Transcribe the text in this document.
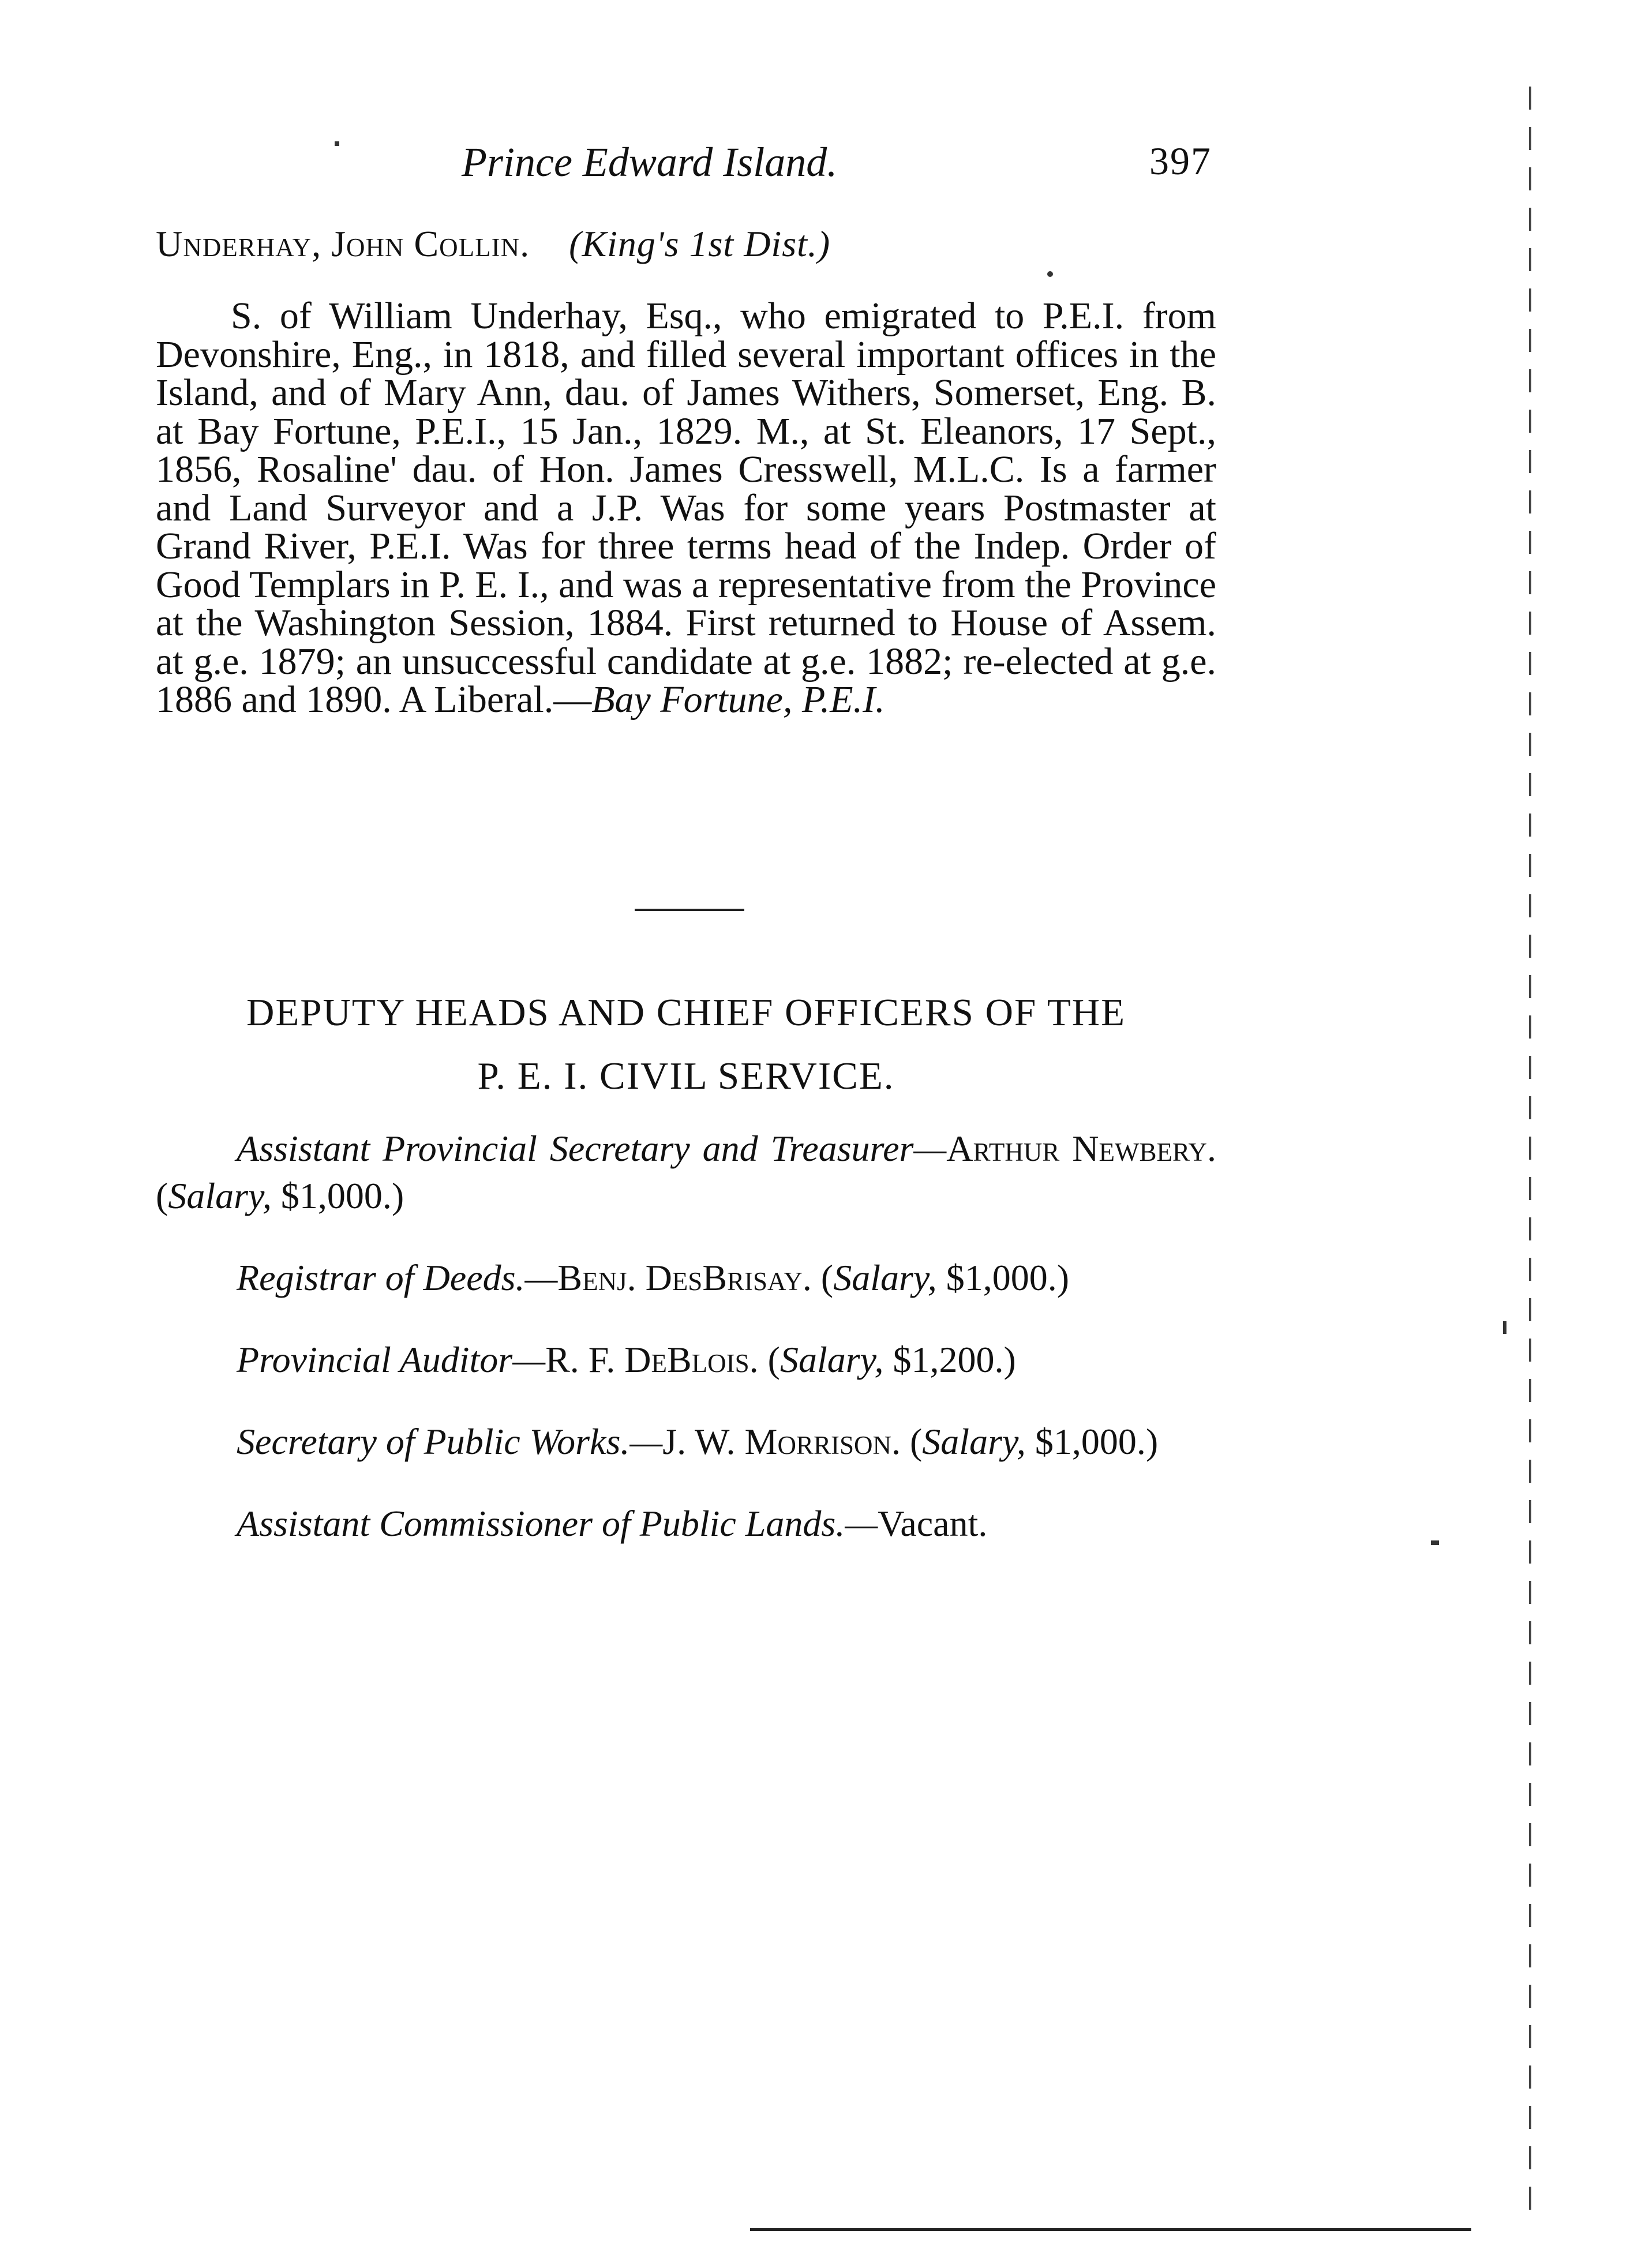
Prince Edward Island.	397
Underhay, John Collin. (King's 1st Dist.)
S. of William Underhay, Esq., who emigrated to P.E.I. from Devonshire, Eng., in 1818, and filled several important offices in the Island, and of Mary Ann, dau. of James Withers, Somerset, Eng. B. at Bay Fortune, P.E.I., 15 Jan., 1829. M., at St. Eleanors, 17 Sept., 1856, Rosaline' dau. of Hon. James Cresswell, M.L.C. Is a farmer and Land Surveyor and a J.P. Was for some years Postmaster at Grand River, P.E.I. Was for three terms head of the Indep. Order of Good Templars in P. E. I., and was a representative from the Province at the Washington Session, 1884. First returned to House of Assem. at g.e. 1879; an unsuccessful candidate at g.e. 1882; re-elected at g.e. 1886 and 1890. A Liberal.—Bay Fortune, P.E.I.
DEPUTY HEADS AND CHIEF OFFICERS OF THE
P. E. I. CIVIL SERVICE.

Assistant Provincial Secretary and Treasurer—Arthur Newbery. (Salary, $1,000.)

Registrar of Deeds.—Benj. DesBrisay. (Salary, $1,000.)

Provincial Auditor—R. F. DeBlois. (Salary, $1,200.)

Secretary of Public Works.—J. W. Morrison. (Salary, $1,000.)

Assistant Commissioner of Public Lands.—Vacant.
